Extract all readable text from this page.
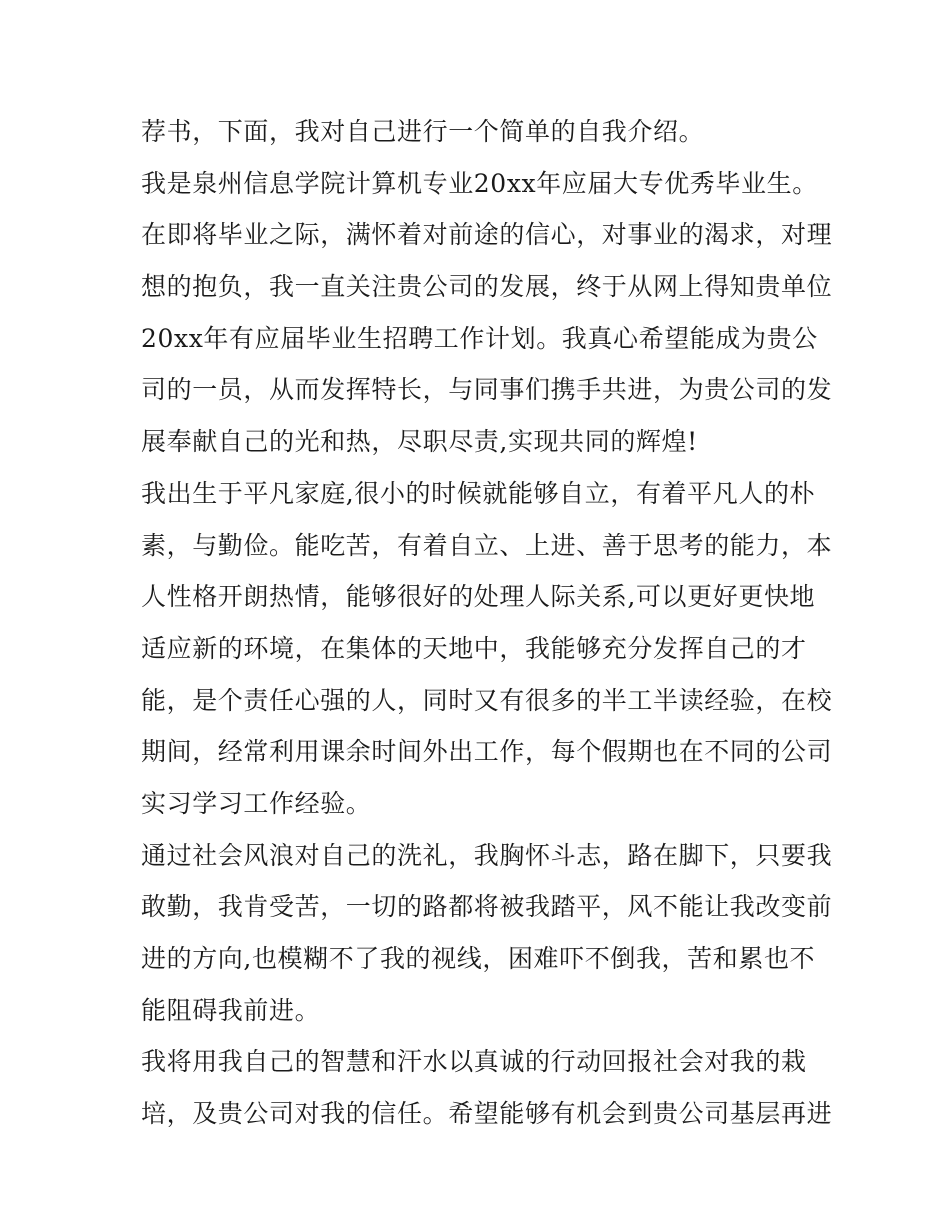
荐书，下面，我对自己进行一个简单的自我介绍。
我是泉州信息学院计算机专业20xx年应届大专优秀毕业生。
在即将毕业之际，满怀着对前途的信心，对事业的渴求，对理
想的抱负，我一直关注贵公司的发展，终于从网上得知贵单位
20xx年有应届毕业生招聘工作计划。我真心希望能成为贵公
司的一员，从而发挥特长，与同事们携手共进，为贵公司的发
展奉献自己的光和热，尽职尽责,实现共同的辉煌!
我出生于平凡家庭,很小的时候就能够自立，有着平凡人的朴
素，与勤俭。能吃苦，有着自立、上进、善于思考的能力，本
人性格开朗热情，能够很好的处理人际关系,可以更好更快地
适应新的环境，在集体的天地中，我能够充分发挥自己的才
能，是个责任心强的人，同时又有很多的半工半读经验，在校
期间，经常利用课余时间外出工作，每个假期也在不同的公司
实习学习工作经验。
通过社会风浪对自己的洗礼，我胸怀斗志，路在脚下，只要我
敢勤，我肯受苦，一切的路都将被我踏平，风不能让我改变前
进的方向,也模糊不了我的视线，困难吓不倒我，苦和累也不
能阻碍我前进。
我将用我自己的智慧和汗水以真诚的行动回报社会对我的栽
培，及贵公司对我的信任。希望能够有机会到贵公司基层再进
